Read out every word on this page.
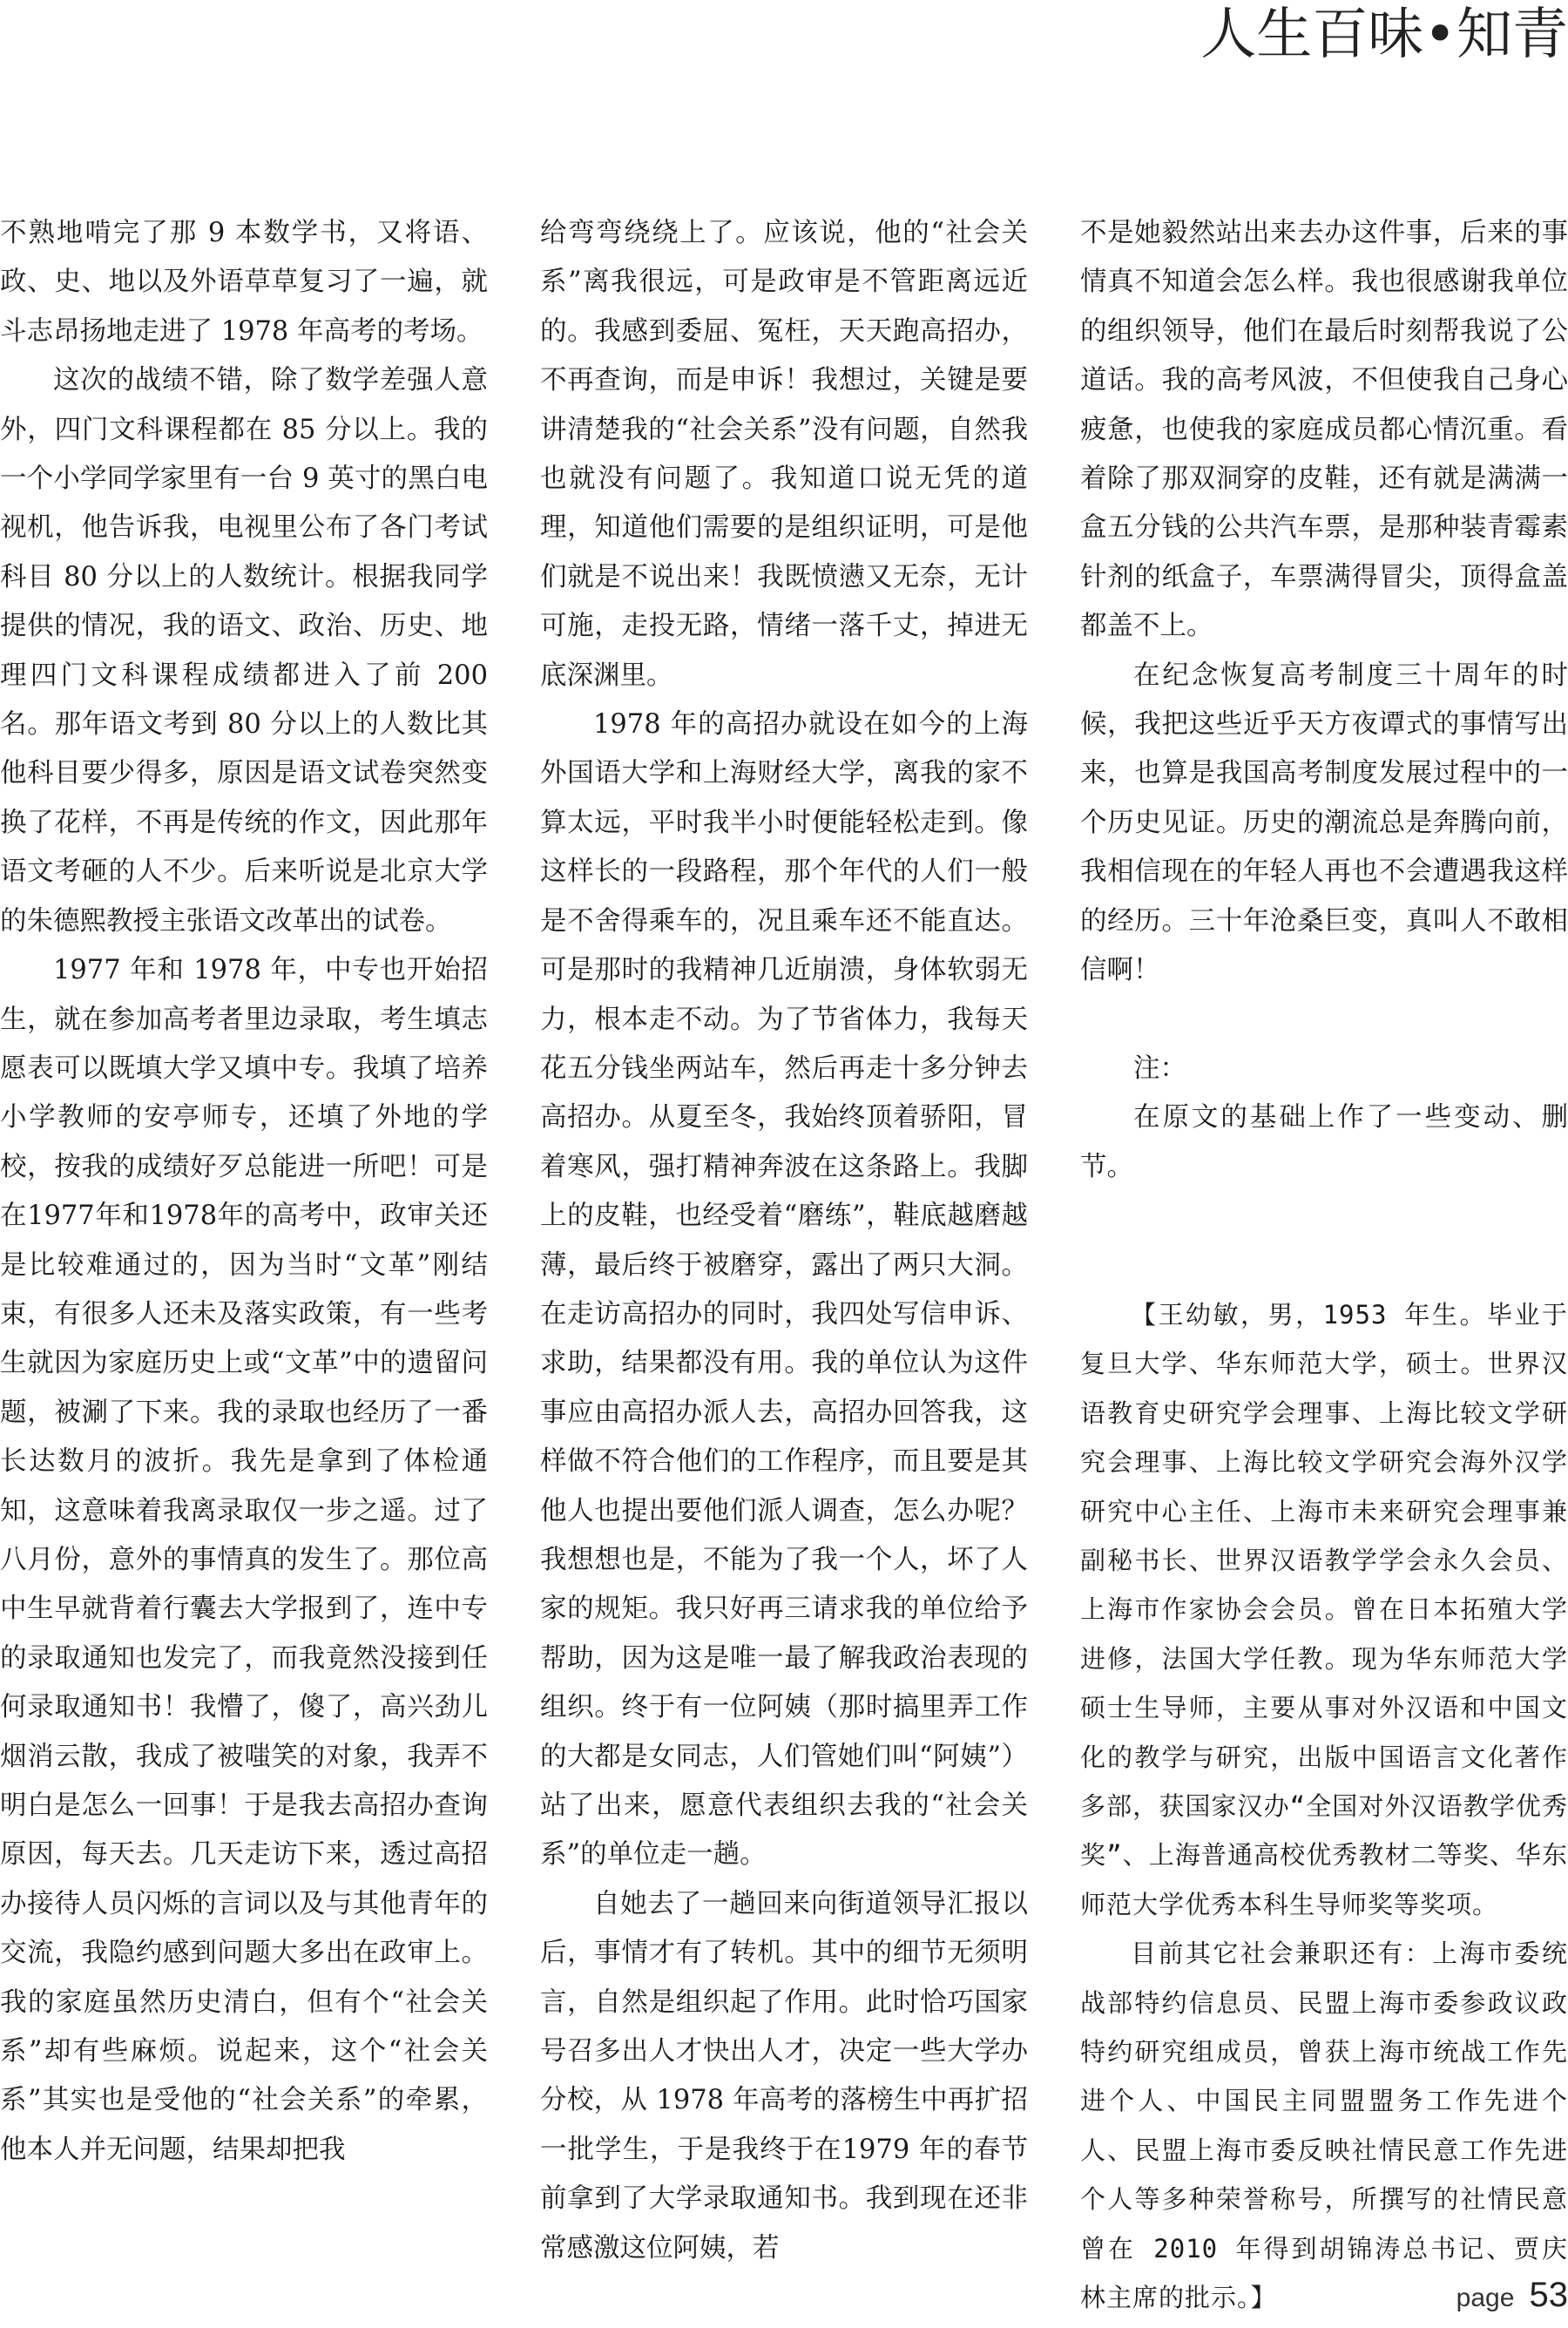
人生百味•知青

不熟地啃完了那 9 本数学书，又将语、政、史、地以及外语草草复习了一遍，就斗志昂扬地走进了 1978 年高考的考场。

这次的战绩不错，除了数学差强人意外，四门文科课程都在 85 分以上。我的一个小学同学家里有一台 9 英寸的黑白电视机，他告诉我，电视里公布了各门考试科目 80 分以上的人数统计。根据我同学提供的情况，我的语文、政治、历史、地理四门文科课程成绩都进入了前 200 名。那年语文考到 80 分以上的人数比其他科目要少得多，原因是语文试卷突然变换了花样，不再是传统的作文，因此那年语文考砸的人不少。后来听说是北京大学的朱德熙教授主张语文改革出的试卷。

1977 年和 1978 年，中专也开始招生，就在参加高考者里边录取，考生填志愿表可以既填大学又填中专。我填了培养小学教师的安亭师专，还填了外地的学校，按我的成绩好歹总能进一所吧！可是在1977年和1978年的高考中，政审关还是比较难通过的，因为当时“文革”刚结束，有很多人还未及落实政策，有一些考生就因为家庭历史上或“文革”中的遗留问题，被涮了下来。我的录取也经历了一番长达数月的波折。我先是拿到了体检通知，这意味着我离录取仅一步之遥。过了八月份，意外的事情真的发生了。那位高中生早就背着行囊去大学报到了，连中专的录取通知也发完了，而我竟然没接到任何录取通知书！我懵了，傻了，高兴劲儿烟消云散，我成了被嗤笑的对象，我弄不明白是怎么一回事！于是我去高招办查询原因，每天去。几天走访下来，透过高招办接待人员闪烁的言词以及与其他青年的交流，我隐约感到问题大多出在政审上。我的家庭虽然历史清白，但有个“社会关系”却有些麻烦。说起来，这个“社会关系”其实也是受他的“社会关系”的牵累，他本人并无问题，结果却把我

给弯弯绕绕上了。应该说，他的“社会关系”离我很远，可是政审是不管距离远近的。我感到委屈、冤枉，天天跑高招办，不再查询，而是申诉！我想过，关键是要讲清楚我的“社会关系”没有问题，自然我也就没有问题了。我知道口说无凭的道理，知道他们需要的是组织证明，可是他们就是不说出来！我既愤懑又无奈，无计可施，走投无路，情绪一落千丈，掉进无底深渊里。

1978 年的高招办就设在如今的上海外国语大学和上海财经大学，离我的家不算太远，平时我半小时便能轻松走到。像这样长的一段路程，那个年代的人们一般是不舍得乘车的，况且乘车还不能直达。可是那时的我精神几近崩溃，身体软弱无力，根本走不动。为了节省体力，我每天花五分钱坐两站车，然后再走十多分钟去高招办。从夏至冬，我始终顶着骄阳，冒着寒风，强打精神奔波在这条路上。我脚上的皮鞋，也经受着“磨练”，鞋底越磨越薄，最后终于被磨穿，露出了两只大洞。在走访高招办的同时，我四处写信申诉、求助，结果都没有用。我的单位认为这件事应由高招办派人去，高招办回答我，这样做不符合他们的工作程序，而且要是其他人也提出要他们派人调查，怎么办呢？我想想也是，不能为了我一个人，坏了人家的规矩。我只好再三请求我的单位给予帮助，因为这是唯一最了解我政治表现的组织。终于有一位阿姨（那时搞里弄工作的大都是女同志，人们管她们叫“阿姨”）站了出来，愿意代表组织去我的“社会关系”的单位走一趟。

自她去了一趟回来向街道领导汇报以后，事情才有了转机。其中的细节无须明言，自然是组织起了作用。此时恰巧国家号召多出人才快出人才，决定一些大学办分校，从 1978 年高考的落榜生中再扩招一批学生，于是我终于在1979 年的春节前拿到了大学录取通知书。我到现在还非常感激这位阿姨，若

不是她毅然站出来去办这件事，后来的事情真不知道会怎么样。我也很感谢我单位的组织领导，他们在最后时刻帮我说了公道话。我的高考风波，不但使我自己身心疲惫，也使我的家庭成员都心情沉重。看着除了那双洞穿的皮鞋，还有就是满满一盒五分钱的公共汽车票，是那种装青霉素针剂的纸盒子，车票满得冒尖，顶得盒盖都盖不上。

在纪念恢复高考制度三十周年的时候，我把这些近乎天方夜谭式的事情写出来，也算是我国高考制度发展过程中的一个历史见证。历史的潮流总是奔腾向前，我相信现在的年轻人再也不会遭遇我这样的经历。三十年沧桑巨变，真叫人不敢相信啊！

注：

在原文的基础上作了一些变动、删节。

【王幼敏，男，1953 年生。毕业于复旦大学、华东师范大学，硕士。世界汉语教育史研究学会理事、上海比较文学研究会理事、上海比较文学研究会海外汉学研究中心主任、上海市未来研究会理事兼副秘书长、世界汉语教学学会永久会员、上海市作家协会会员。曾在日本拓殖大学进修，法国大学任教。现为华东师范大学硕士生导师，主要从事对外汉语和中国文化的教学与研究，出版中国语言文化著作多部，获国家汉办“全国对外汉语教学优秀奖”、上海普通高校优秀教材二等奖、华东师范大学优秀本科生导师奖等奖项。

目前其它社会兼职还有：上海市委统战部特约信息员、民盟上海市委参政议政特约研究组成员，曾获上海市统战工作先进个人、中国民主同盟盟务工作先进个人、民盟上海市委反映社情民意工作先进个人等多种荣誉称号，所撰写的社情民意曾在 2010 年得到胡锦涛总书记、贾庆林主席的批示。】	page 53
